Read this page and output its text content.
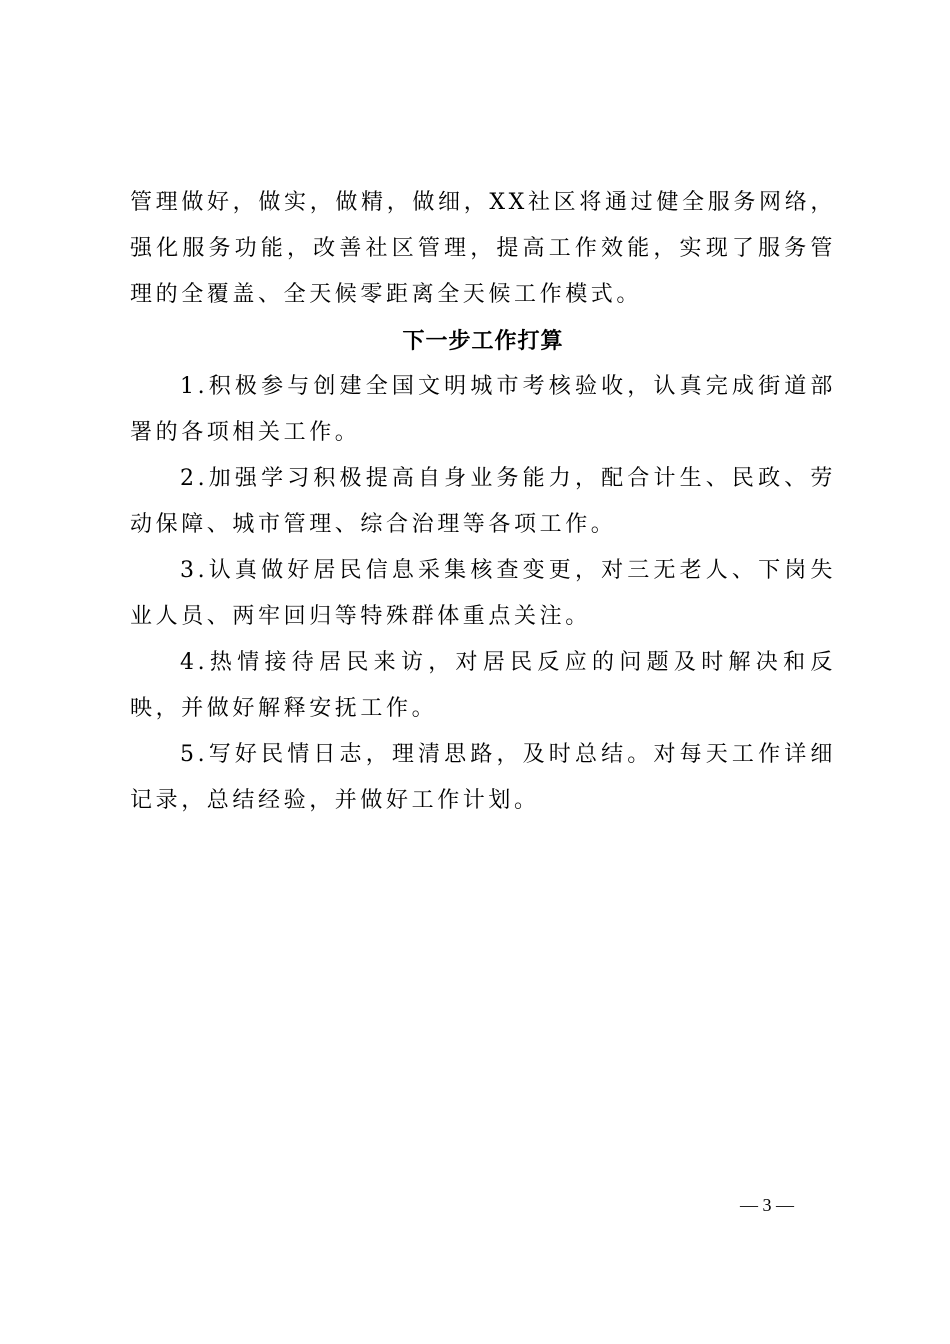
管理做好，做实，做精，做细，XX社区将通过健全服务网络，强化服务功能，改善社区管理，提高工作效能，实现了服务管理的全覆盖、全天候零距离全天候工作模式。

下一步工作打算

1.积极参与创建全国文明城市考核验收，认真完成街道部署的各项相关工作。

2.加强学习积极提高自身业务能力，配合计生、民政、劳动保障、城市管理、综合治理等各项工作。

3.认真做好居民信息采集核查变更，对三无老人、下岗失业人员、两牢回归等特殊群体重点关注。

4.热情接待居民来访，对居民反应的问题及时解决和反映，并做好解释安抚工作。

5.写好民情日志，理清思路，及时总结。对每天工作详细记录，总结经验，并做好工作计划。

— 3 —
